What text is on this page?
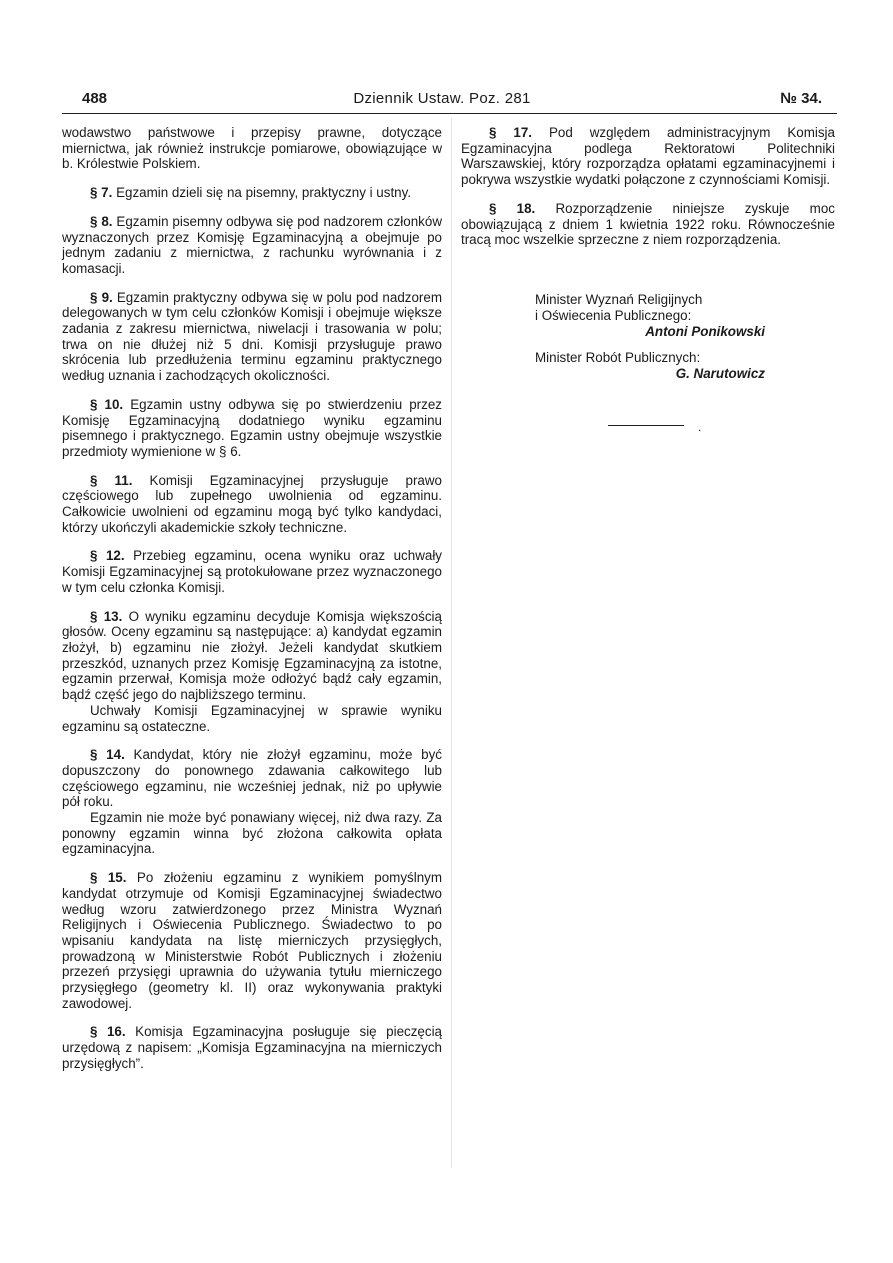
488	Dziennik Ustaw. Poz. 281	№ 34.

wodawstwo państwowe i przepisy prawne, dotyczące miernictwa, jak również instrukcje pomiarowe, obowiązujące w b. Królestwie Polskiem.

§ 7. Egzamin dzieli się na pisemny, praktyczny i ustny.

§ 8. Egzamin pisemny odbywa się pod nadzorem członków wyznaczonych przez Komisję Egzaminacyjną a obejmuje po jednym zadaniu z miernictwa, z rachunku wyrównania i z komasacji.

§ 9. Egzamin praktyczny odbywa się w polu pod nadzorem delegowanych w tym celu członków Komisji i obejmuje większe zadania z zakresu miernictwa, niwelacji i trasowania w polu; trwa on nie dłużej niż 5 dni. Komisji przysługuje prawo skrócenia lub przedłużenia terminu egzaminu praktycznego według uznania i zachodzących okoliczności.

§ 10. Egzamin ustny odbywa się po stwierdzeniu przez Komisję Egzaminacyjną dodatniego wyniku egzaminu pisemnego i praktycznego. Egzamin ustny obejmuje wszystkie przedmioty wymienione w § 6.

§ 11. Komisji Egzaminacyjnej przysługuje prawo częściowego lub zupełnego uwolnienia od egzaminu. Całkowicie uwolnieni od egzaminu mogą być tylko kandydaci, którzy ukończyli akademickie szkoły techniczne.

§ 12. Przebieg egzaminu, ocena wyniku oraz uchwały Komisji Egzaminacyjnej są protokułowane przez wyznaczonego w tym celu członka Komisji.

§ 13. O wyniku egzaminu decyduje Komisja większością głosów. Oceny egzaminu są następujące: a) kandydat egzamin złożył, b) egzaminu nie złożył. Jeżeli kandydat skutkiem przeszkód, uznanych przez Komisję Egzaminacyjną za istotne, egzamin przerwał, Komisja może odłożyć bądź cały egzamin, bądź część jego do najbliższego terminu.

Uchwały Komisji Egzaminacyjnej w sprawie wyniku egzaminu są ostateczne.

§ 14. Kandydat, który nie złożył egzaminu, może być dopuszczony do ponownego zdawania całkowitego lub częściowego egzaminu, nie wcześniej jednak, niż po upływie pół roku.

Egzamin nie może być ponawiany więcej, niż dwa razy. Za ponowny egzamin winna być złożona całkowita opłata egzaminacyjna.

§ 15. Po złożeniu egzaminu z wynikiem pomyślnym kandydat otrzymuje od Komisji Egzaminacyjnej świadectwo według wzoru zatwierdzonego przez Ministra Wyznań Religijnych i Oświecenia Publicznego. Świadectwo to po wpisaniu kandydata na listę mierniczych przysięgłych, prowadzoną w Ministerstwie Robót Publicznych i złożeniu przezeń przysięgi uprawnia do używania tytułu mierniczego przysięgłego (geometry kl. II) oraz wykonywania praktyki zawodowej.

§ 16. Komisja Egzaminacyjna posługuje się pieczęcią urzędową z napisem: „Komisja Egzaminacyjna na mierniczych przysięgłych”.

§ 17. Pod względem administracyjnym Komisja Egzaminacyjna podlega Rektoratowi Politechniki Warszawskiej, który rozporządza opłatami egzaminacyjnemi i pokrywa wszystkie wydatki połączone z czynnościami Komisji.

§ 18. Rozporządzenie niniejsze zyskuje moc obowiązującą z dniem 1 kwietnia 1922 roku. Równocześnie tracą moc wszelkie sprzeczne z niem rozporządzenia.

Minister Wyznań Religijnych
i Oświecenia Publicznego:
Antoni Ponikowski
Minister Robót Publicznych:
G. Narutowicz
.
